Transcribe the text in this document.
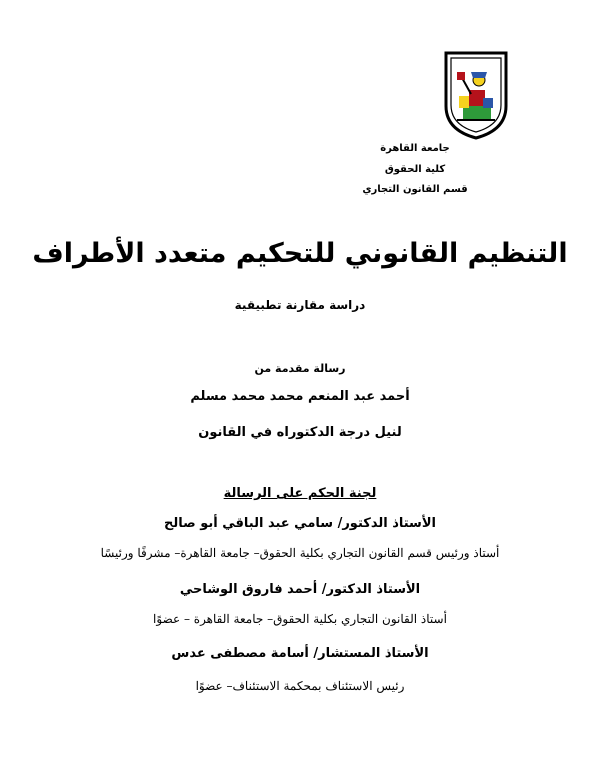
جامعة القاهرة
كلية الحقوق
قسم القانون التجاري
التنظيم القانوني للتحكيم متعدد الأطراف
دراسة مقارنة تطبيقية
رسالة مقدمة من
أحمد عبد المنعم محمد محمد مسلم
لنيل درجة الدكتوراه في القانون
لجنة الحكم على الرسالة
الأستاذ الدكتور/ سامي عبد الباقي أبو صالح
أستاذ ورئيس قسم القانون التجاري بكلية الحقوق– جامعة القاهرة– مشرفًا ورئيسًا
الأستاذ الدكتور/ أحمد فاروق الوشاحي
أستاذ القانون التجاري بكلية الحقوق– جامعة القاهرة – عضوًا
الأستاذ المستشار/ أسامة مصطفى عدس
رئيس الاستئناف بمحكمة الاستئناف– عضوًا
